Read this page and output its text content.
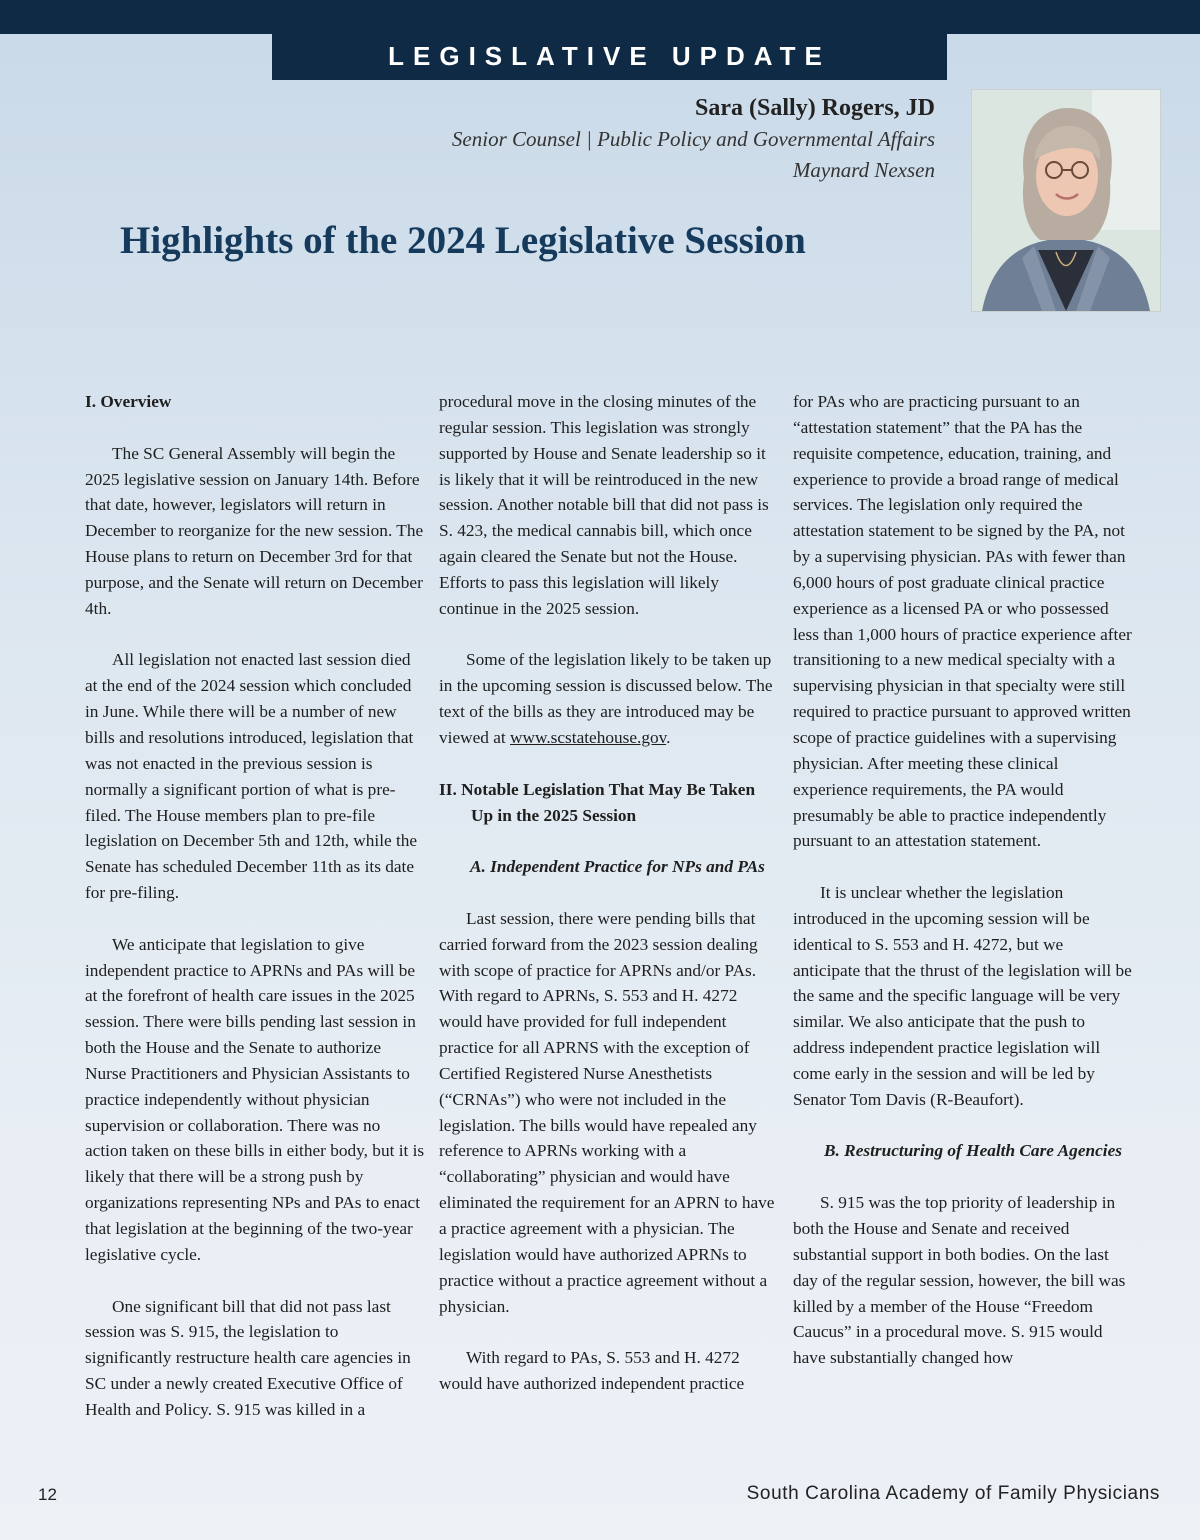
LEGISLATIVE UPDATE
Sara (Sally) Rogers, JD
Senior Counsel | Public Policy and Governmental Affairs
Maynard Nexsen
Highlights of the 2024 Legislative Session

I. Overview

The SC General Assembly will begin the 2025 legislative session on January 14th. Before that date, however, legislators will return in December to reorganize for the new session. The House plans to return on December 3rd for that purpose, and the Senate will return on December 4th.

All legislation not enacted last session died at the end of the 2024 session which concluded in June. While there will be a number of new bills and resolutions introduced, legislation that was not enacted in the previous session is normally a significant portion of what is pre-filed. The House members plan to pre-file legislation on December 5th and 12th, while the Senate has scheduled December 11th as its date for pre-filing.

We anticipate that legislation to give independent practice to APRNs and PAs will be at the forefront of health care issues in the 2025 session. There were bills pending last session in both the House and the Senate to authorize Nurse Practitioners and Physician Assistants to practice independently without physician supervision or collaboration. There was no action taken on these bills in either body, but it is likely that there will be a strong push by organizations representing NPs and PAs to enact that legislation at the beginning of the two-year legislative cycle.

One significant bill that did not pass last session was S. 915, the legislation to significantly restructure health care agencies in SC under a newly created Executive Office of Health and Policy. S. 915 was killed in a

procedural move in the closing minutes of the regular session. This legislation was strongly supported by House and Senate leadership so it is likely that it will be reintroduced in the new session. Another notable bill that did not pass is S. 423, the medical cannabis bill, which once again cleared the Senate but not the House. Efforts to pass this legislation will likely continue in the 2025 session.

Some of the legislation likely to be taken up in the upcoming session is discussed below. The text of the bills as they are introduced may be viewed at www.scstatehouse.gov.

II. Notable Legislation That May Be Taken Up in the 2025 Session

A. Independent Practice for NPs and PAs

Last session, there were pending bills that carried forward from the 2023 session dealing with scope of practice for APRNs and/or PAs. With regard to APRNs, S. 553 and H. 4272 would have provided for full independent practice for all APRNS with the exception of Certified Registered Nurse Anesthetists (“CRNAs”) who were not included in the legislation. The bills would have repealed any reference to APRNs working with a “collaborating” physician and would have eliminated the requirement for an APRN to have a practice agreement with a physician. The legislation would have authorized APRNs to practice without a practice agreement without a physician.

With regard to PAs, S. 553 and H. 4272 would have authorized independent practice

for PAs who are practicing pursuant to an “attestation statement” that the PA has the requisite competence, education, training, and experience to provide a broad range of medical services. The legislation only required the attestation statement to be signed by the PA, not by a supervising physician. PAs with fewer than 6,000 hours of post graduate clinical practice experience as a licensed PA or who possessed less than 1,000 hours of practice experience after transitioning to a new medical specialty with a supervising physician in that specialty were still required to practice pursuant to approved written scope of practice guidelines with a supervising physician. After meeting these clinical experience requirements, the PA would presumably be able to practice independently pursuant to an attestation statement.

It is unclear whether the legislation introduced in the upcoming session will be identical to S. 553 and H. 4272, but we anticipate that the thrust of the legislation will be the same and the specific language will be very similar. We also anticipate that the push to address independent practice legislation will come early in the session and will be led by Senator Tom Davis (R-Beaufort).

B. Restructuring of Health Care Agencies

S. 915 was the top priority of leadership in both the House and Senate and received substantial support in both bodies. On the last day of the regular session, however, the bill was killed by a member of the House “Freedom Caucus” in a procedural move. S. 915 would have substantially changed how

12	South Carolina Academy of Family Physicians
